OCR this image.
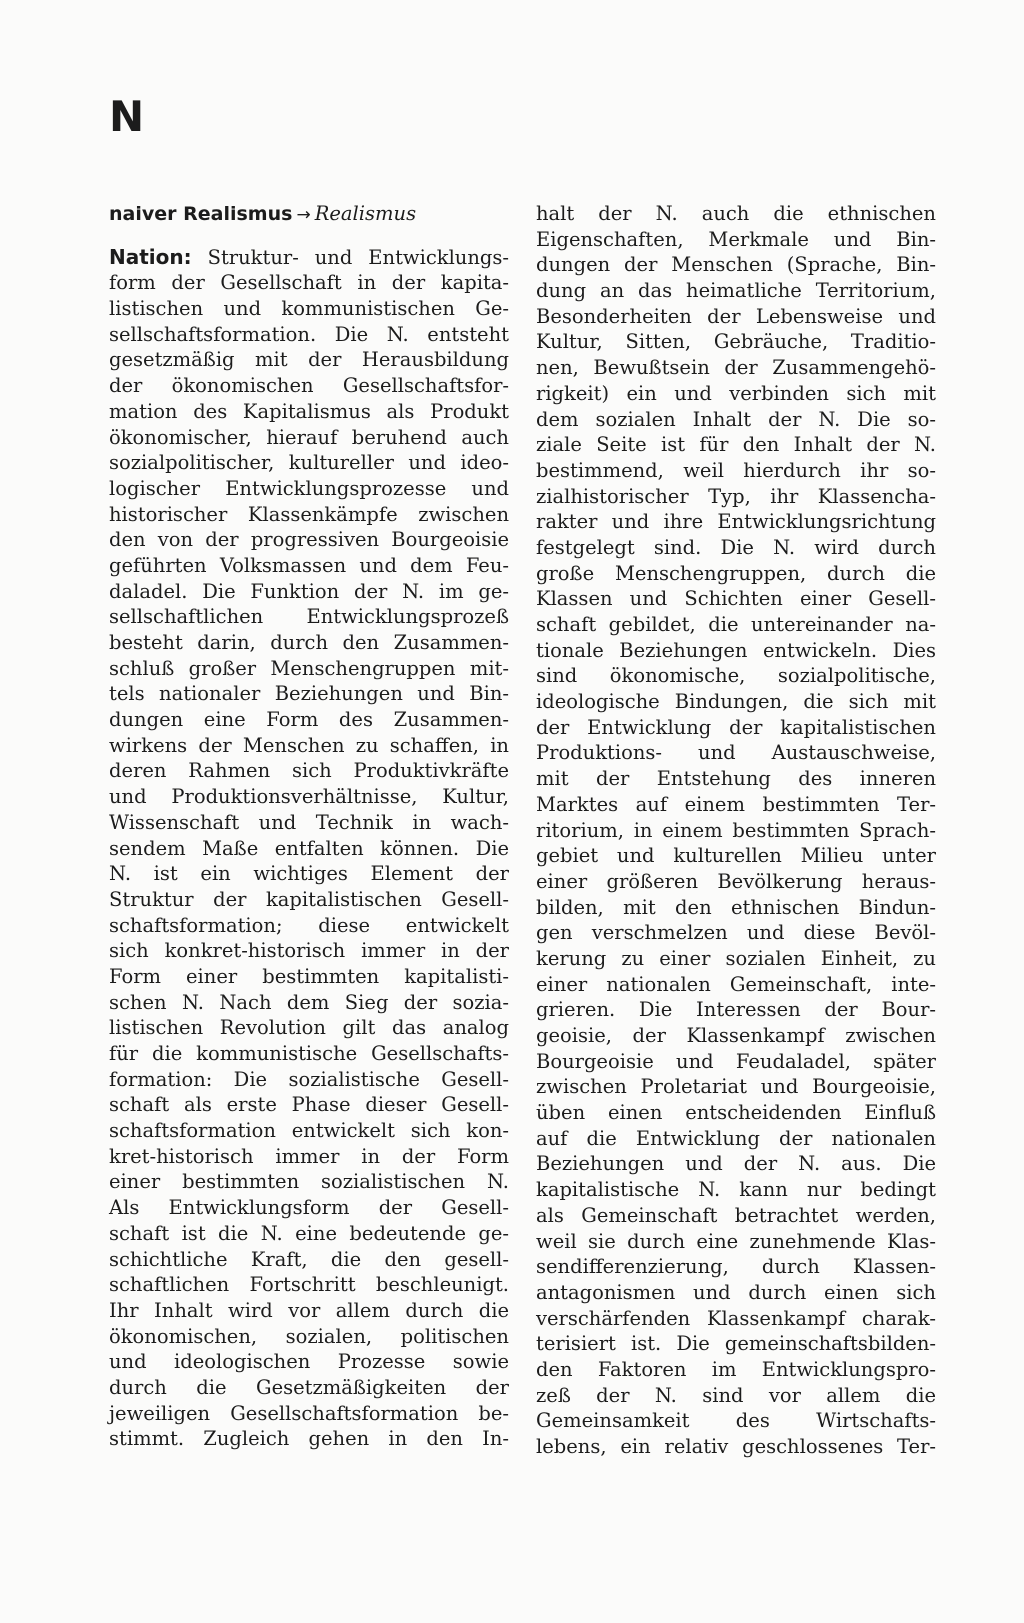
N
naiver Realismus → Realismus
Nation: Struktur- und Entwicklungs-
form der Gesellschaft in der kapita-
listischen und kommunistischen Ge-
sellschaftsformation. Die N. entsteht
gesetzmäßig mit der Herausbildung
der ökonomischen Gesellschaftsfor-
mation des Kapitalismus als Produkt
ökonomischer, hierauf beruhend auch
sozialpolitischer, kultureller und ideo-
logischer Entwicklungsprozesse und
historischer Klassenkämpfe zwischen
den von der progressiven Bourgeoisie
geführten Volksmassen und dem Feu-
daladel. Die Funktion der N. im ge-
sellschaftlichen Entwicklungsprozeß
besteht darin, durch den Zusammen-
schluß großer Menschengruppen mit-
tels nationaler Beziehungen und Bin-
dungen eine Form des Zusammen-
wirkens der Menschen zu schaffen, in
deren Rahmen sich Produktivkräfte
und Produktionsverhältnisse, Kultur,
Wissenschaft und Technik in wach-
sendem Maße entfalten können. Die
N. ist ein wichtiges Element der
Struktur der kapitalistischen Gesell-
schaftsformation; diese entwickelt
sich konkret-historisch immer in der
Form einer bestimmten kapitalisti-
schen N. Nach dem Sieg der sozia-
listischen Revolution gilt das analog
für die kommunistische Gesellschafts-
formation: Die sozialistische Gesell-
schaft als erste Phase dieser Gesell-
schaftsformation entwickelt sich kon-
kret-historisch immer in der Form
einer bestimmten sozialistischen N.
Als Entwicklungsform der Gesell-
schaft ist die N. eine bedeutende ge-
schichtliche Kraft, die den gesell-
schaftlichen Fortschritt beschleunigt.
Ihr Inhalt wird vor allem durch die
ökonomischen, sozialen, politischen
und ideologischen Prozesse sowie
durch die Gesetzmäßigkeiten der
jeweiligen Gesellschaftsformation be-
stimmt. Zugleich gehen in den In-
halt der N. auch die ethnischen
Eigenschaften, Merkmale und Bin-
dungen der Menschen (Sprache, Bin-
dung an das heimatliche Territorium,
Besonderheiten der Lebensweise und
Kultur, Sitten, Gebräuche, Traditio-
nen, Bewußtsein der Zusammengehö-
rigkeit) ein und verbinden sich mit
dem sozialen Inhalt der N. Die so-
ziale Seite ist für den Inhalt der N.
bestimmend, weil hierdurch ihr so-
zialhistorischer Typ, ihr Klassencha-
rakter und ihre Entwicklungsrichtung
festgelegt sind. Die N. wird durch
große Menschengruppen, durch die
Klassen und Schichten einer Gesell-
schaft gebildet, die untereinander na-
tionale Beziehungen entwickeln. Dies
sind ökonomische, sozialpolitische,
ideologische Bindungen, die sich mit
der Entwicklung der kapitalistischen
Produktions- und Austauschweise,
mit der Entstehung des inneren
Marktes auf einem bestimmten Ter-
ritorium, in einem bestimmten Sprach-
gebiet und kulturellen Milieu unter
einer größeren Bevölkerung heraus-
bilden, mit den ethnischen Bindun-
gen verschmelzen und diese Bevöl-
kerung zu einer sozialen Einheit, zu
einer nationalen Gemeinschaft, inte-
grieren. Die Interessen der Bour-
geoisie, der Klassenkampf zwischen
Bourgeoisie und Feudaladel, später
zwischen Proletariat und Bourgeoisie,
üben einen entscheidenden Einfluß
auf die Entwicklung der nationalen
Beziehungen und der N. aus. Die
kapitalistische N. kann nur bedingt
als Gemeinschaft betrachtet werden,
weil sie durch eine zunehmende Klas-
sendifferenzierung, durch Klassen-
antagonismen und durch einen sich
verschärfenden Klassenkampf charak-
terisiert ist. Die gemeinschaftsbilden-
den Faktoren im Entwicklungspro-
zeß der N. sind vor allem die
Gemeinsamkeit des Wirtschafts-
lebens, ein relativ geschlossenes Ter-
